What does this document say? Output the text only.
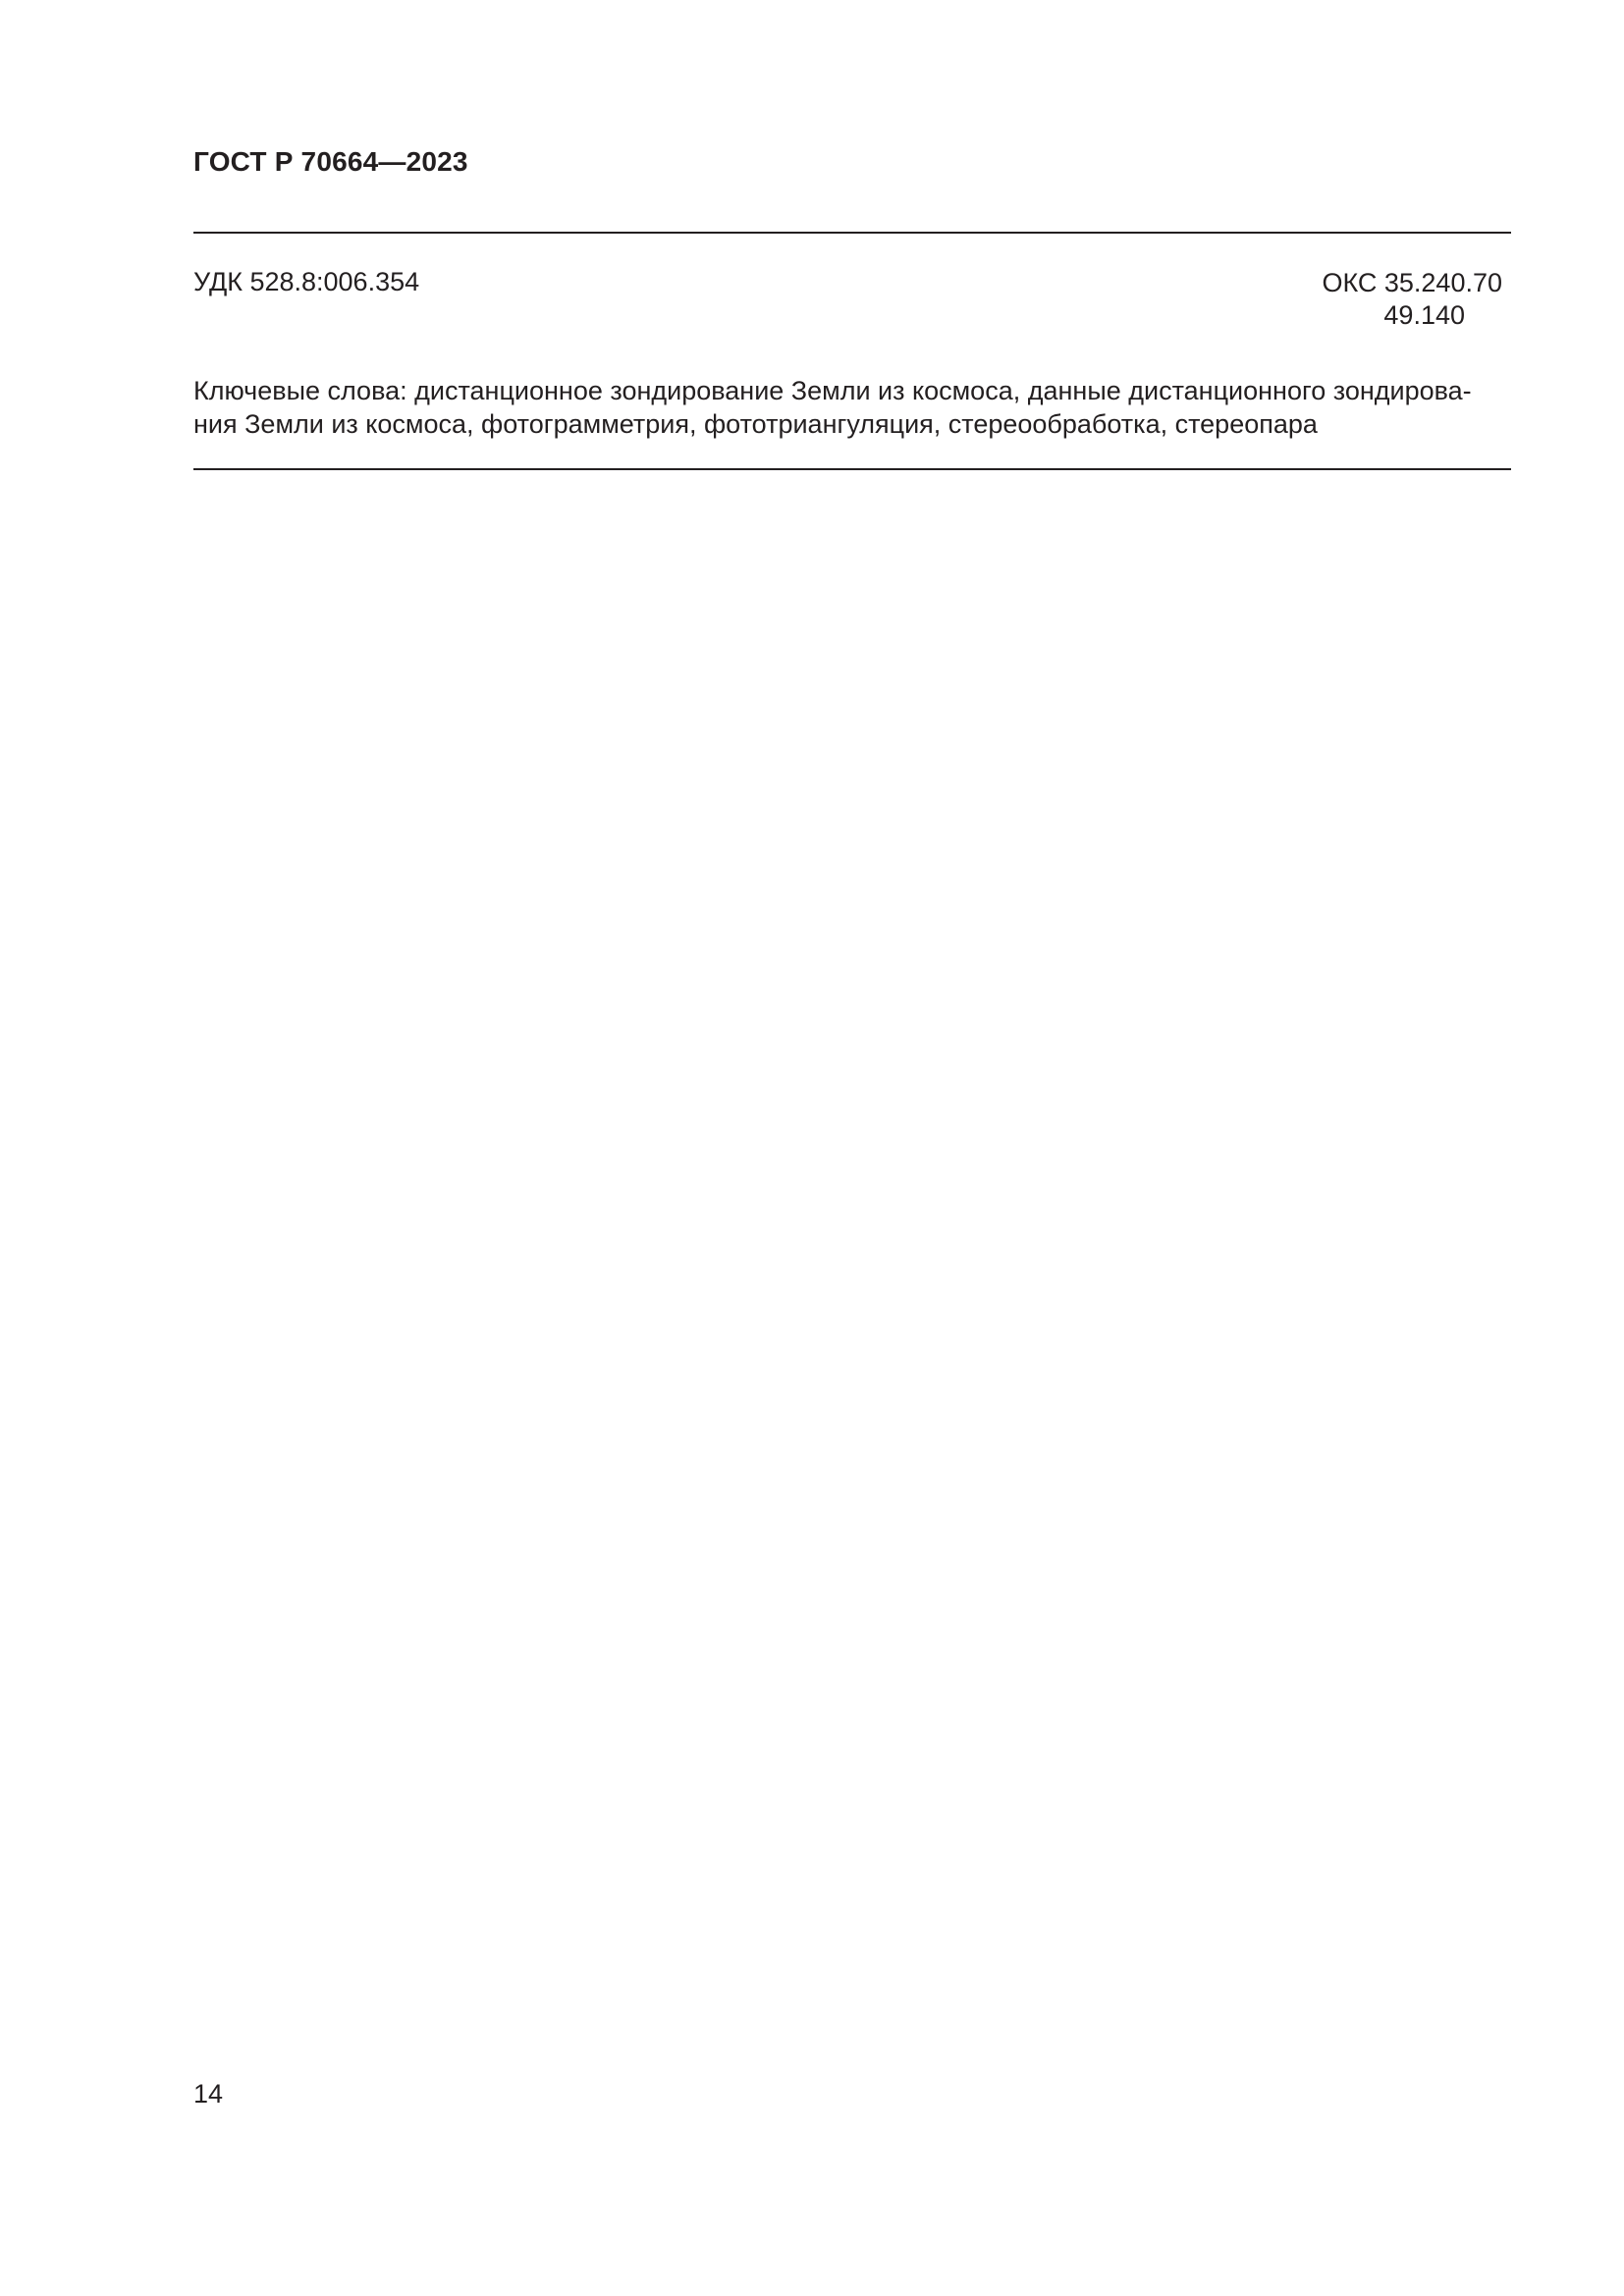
ГОСТ Р 70664—2023
УДК 528.8:006.354	ОКС 35.240.70
49.140
Ключевые слова: дистанционное зондирование Земли из космоса, данные дистанционного зондирова-
ния Земли из космоса, фотограмметрия, фототриангуляция, стереообработка, стереопара
14
